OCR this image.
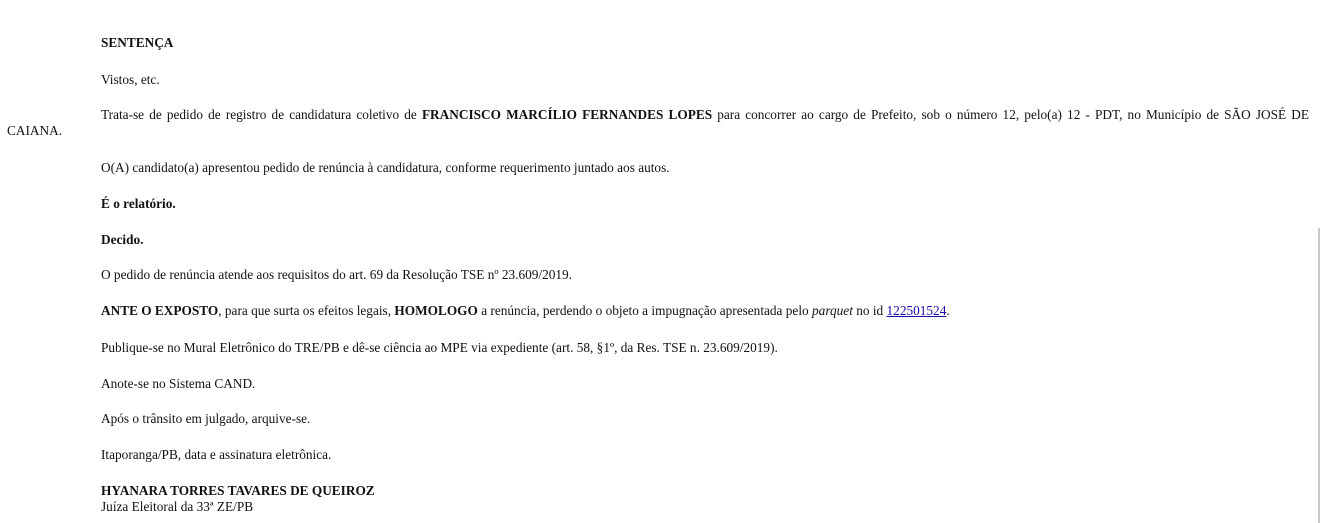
SENTENÇA
Vistos, etc.
Trata-se de pedido de registro de candidatura coletivo de FRANCISCO MARCÍLIO FERNANDES LOPES para concorrer ao cargo de Prefeito, sob o número 12, pelo(a) 12 - PDT, no Município de SÃO JOSÉ DE CAIANA.
O(A) candidato(a) apresentou pedido de renúncia à candidatura, conforme requerimento juntado aos autos.
É o relatório.
Decido.
O pedido de renúncia atende aos requisitos do art. 69 da Resolução TSE nº 23.609/2019.
ANTE O EXPOSTO, para que surta os efeitos legais, HOMOLOGO a renúncia, perdendo o objeto a impugnação apresentada pelo parquet no id 122501524.
Publique-se no Mural Eletrônico do TRE/PB e dê-se ciência ao MPE via expediente (art. 58, §1º, da Res. TSE n. 23.609/2019).
Anote-se no Sistema CAND.
Após o trânsito em julgado, arquive-se.
Itaporanga/PB, data e assinatura eletrônica.
HYANARA TORRES TAVARES DE QUEIROZ
Juíza Eleitoral da 33ª ZE/PB
